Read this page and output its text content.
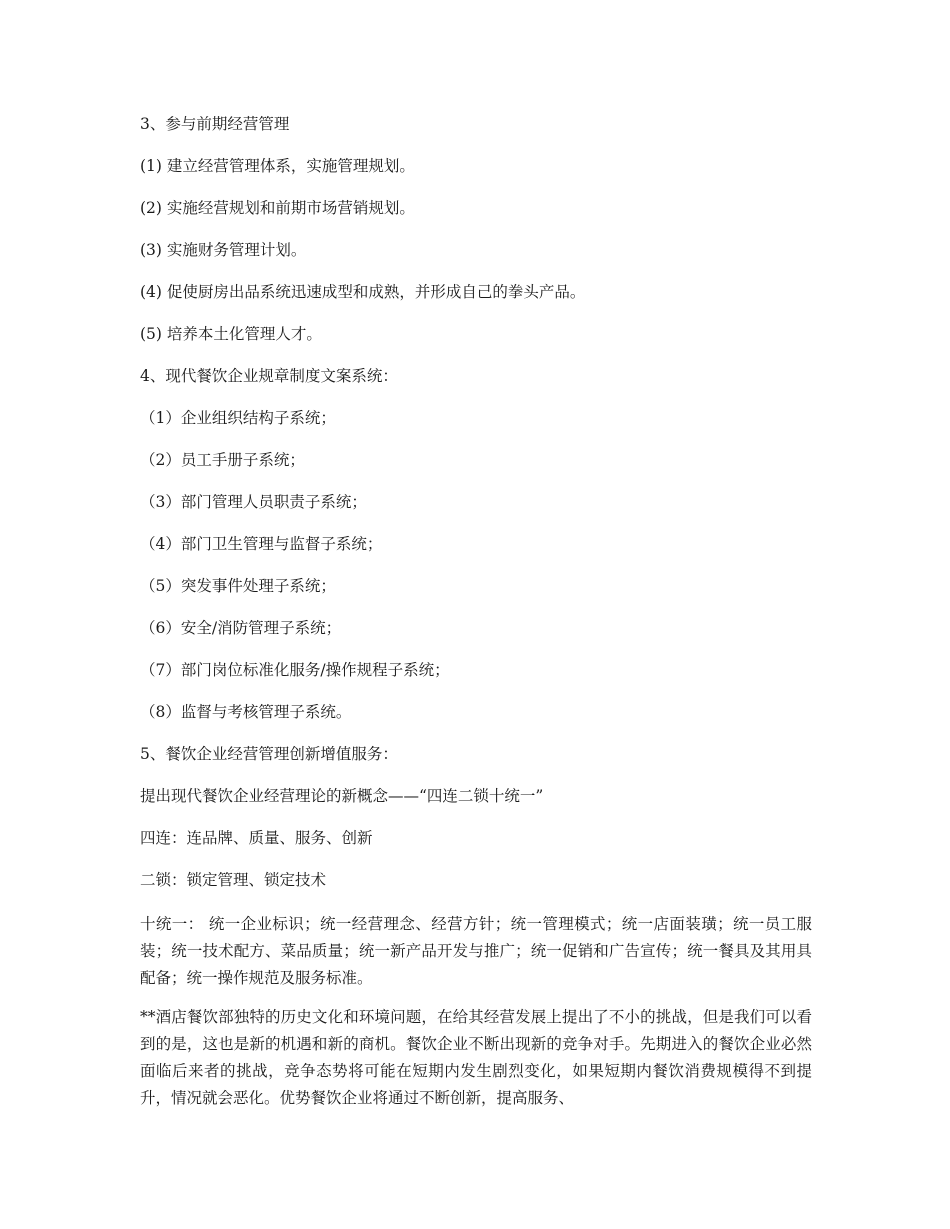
3、参与前期经营管理

(1) 建立经营管理体系，实施管理规划。

(2) 实施经营规划和前期市场营销规划。

(3) 实施财务管理计划。

(4) 促使厨房出品系统迅速成型和成熟，并形成自己的拳头产品。

(5) 培养本土化管理人才。

4、现代餐饮企业规章制度文案系统：

（1）企业组织结构子系统；

（2）员工手册子系统；

（3）部门管理人员职责子系统；

（4）部门卫生管理与监督子系统；

（5）突发事件处理子系统；

（6）安全/消防管理子系统；

（7）部门岗位标准化服务/操作规程子系统；

（8）监督与考核管理子系统。

5、餐饮企业经营管理创新增值服务：

提出现代餐饮企业经营理论的新概念——“四连二锁十统一”

四连：连品牌、质量、服务、创新

二锁：锁定管理、锁定技术

十统一： 统一企业标识；统一经营理念、经营方针；统一管理模式；统一店面装璜；统一员工服装；统一技术配方、菜品质量；统一新产品开发与推广；统一促销和广告宣传；统一餐具及其用具配备；统一操作规范及服务标准。

**酒店餐饮部独特的历史文化和环境问题，在给其经营发展上提出了不小的挑战，但是我们可以看到的是，这也是新的机遇和新的商机。餐饮企业不断出现新的竞争对手。先期进入的餐饮企业必然面临后来者的挑战，竞争态势将可能在短期内发生剧烈变化，如果短期内餐饮消费规模得不到提升，情况就会恶化。优势餐饮企业将通过不断创新，提高服务、
